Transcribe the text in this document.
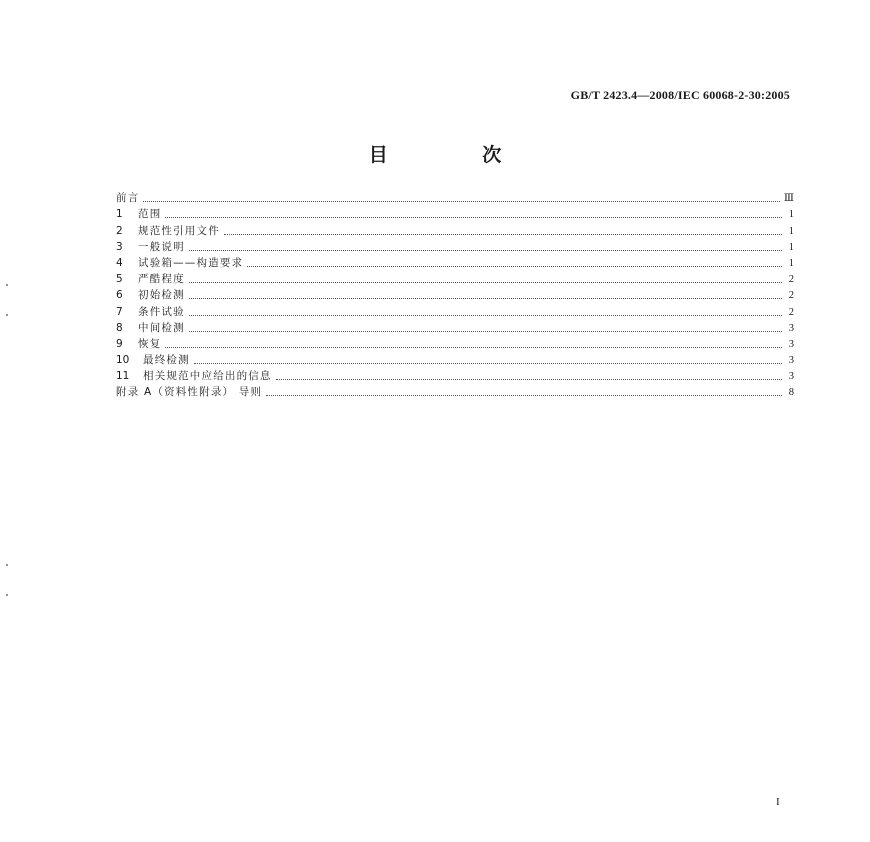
GB/T 2423.4—2008/IEC 60068-2-30:2005
目 次
前言	Ⅲ
1	范围	1
2	规范性引用文件	1
3	一般说明	1
4	试验箱——构造要求	1
5	严酷程度	2
6	初始检测	2
7	条件试验	2
8	中间检测	3
9	恢复	3
10	最终检测	3
11	相关规范中应给出的信息	3
附录 A（资料性附录） 导则	8
I
